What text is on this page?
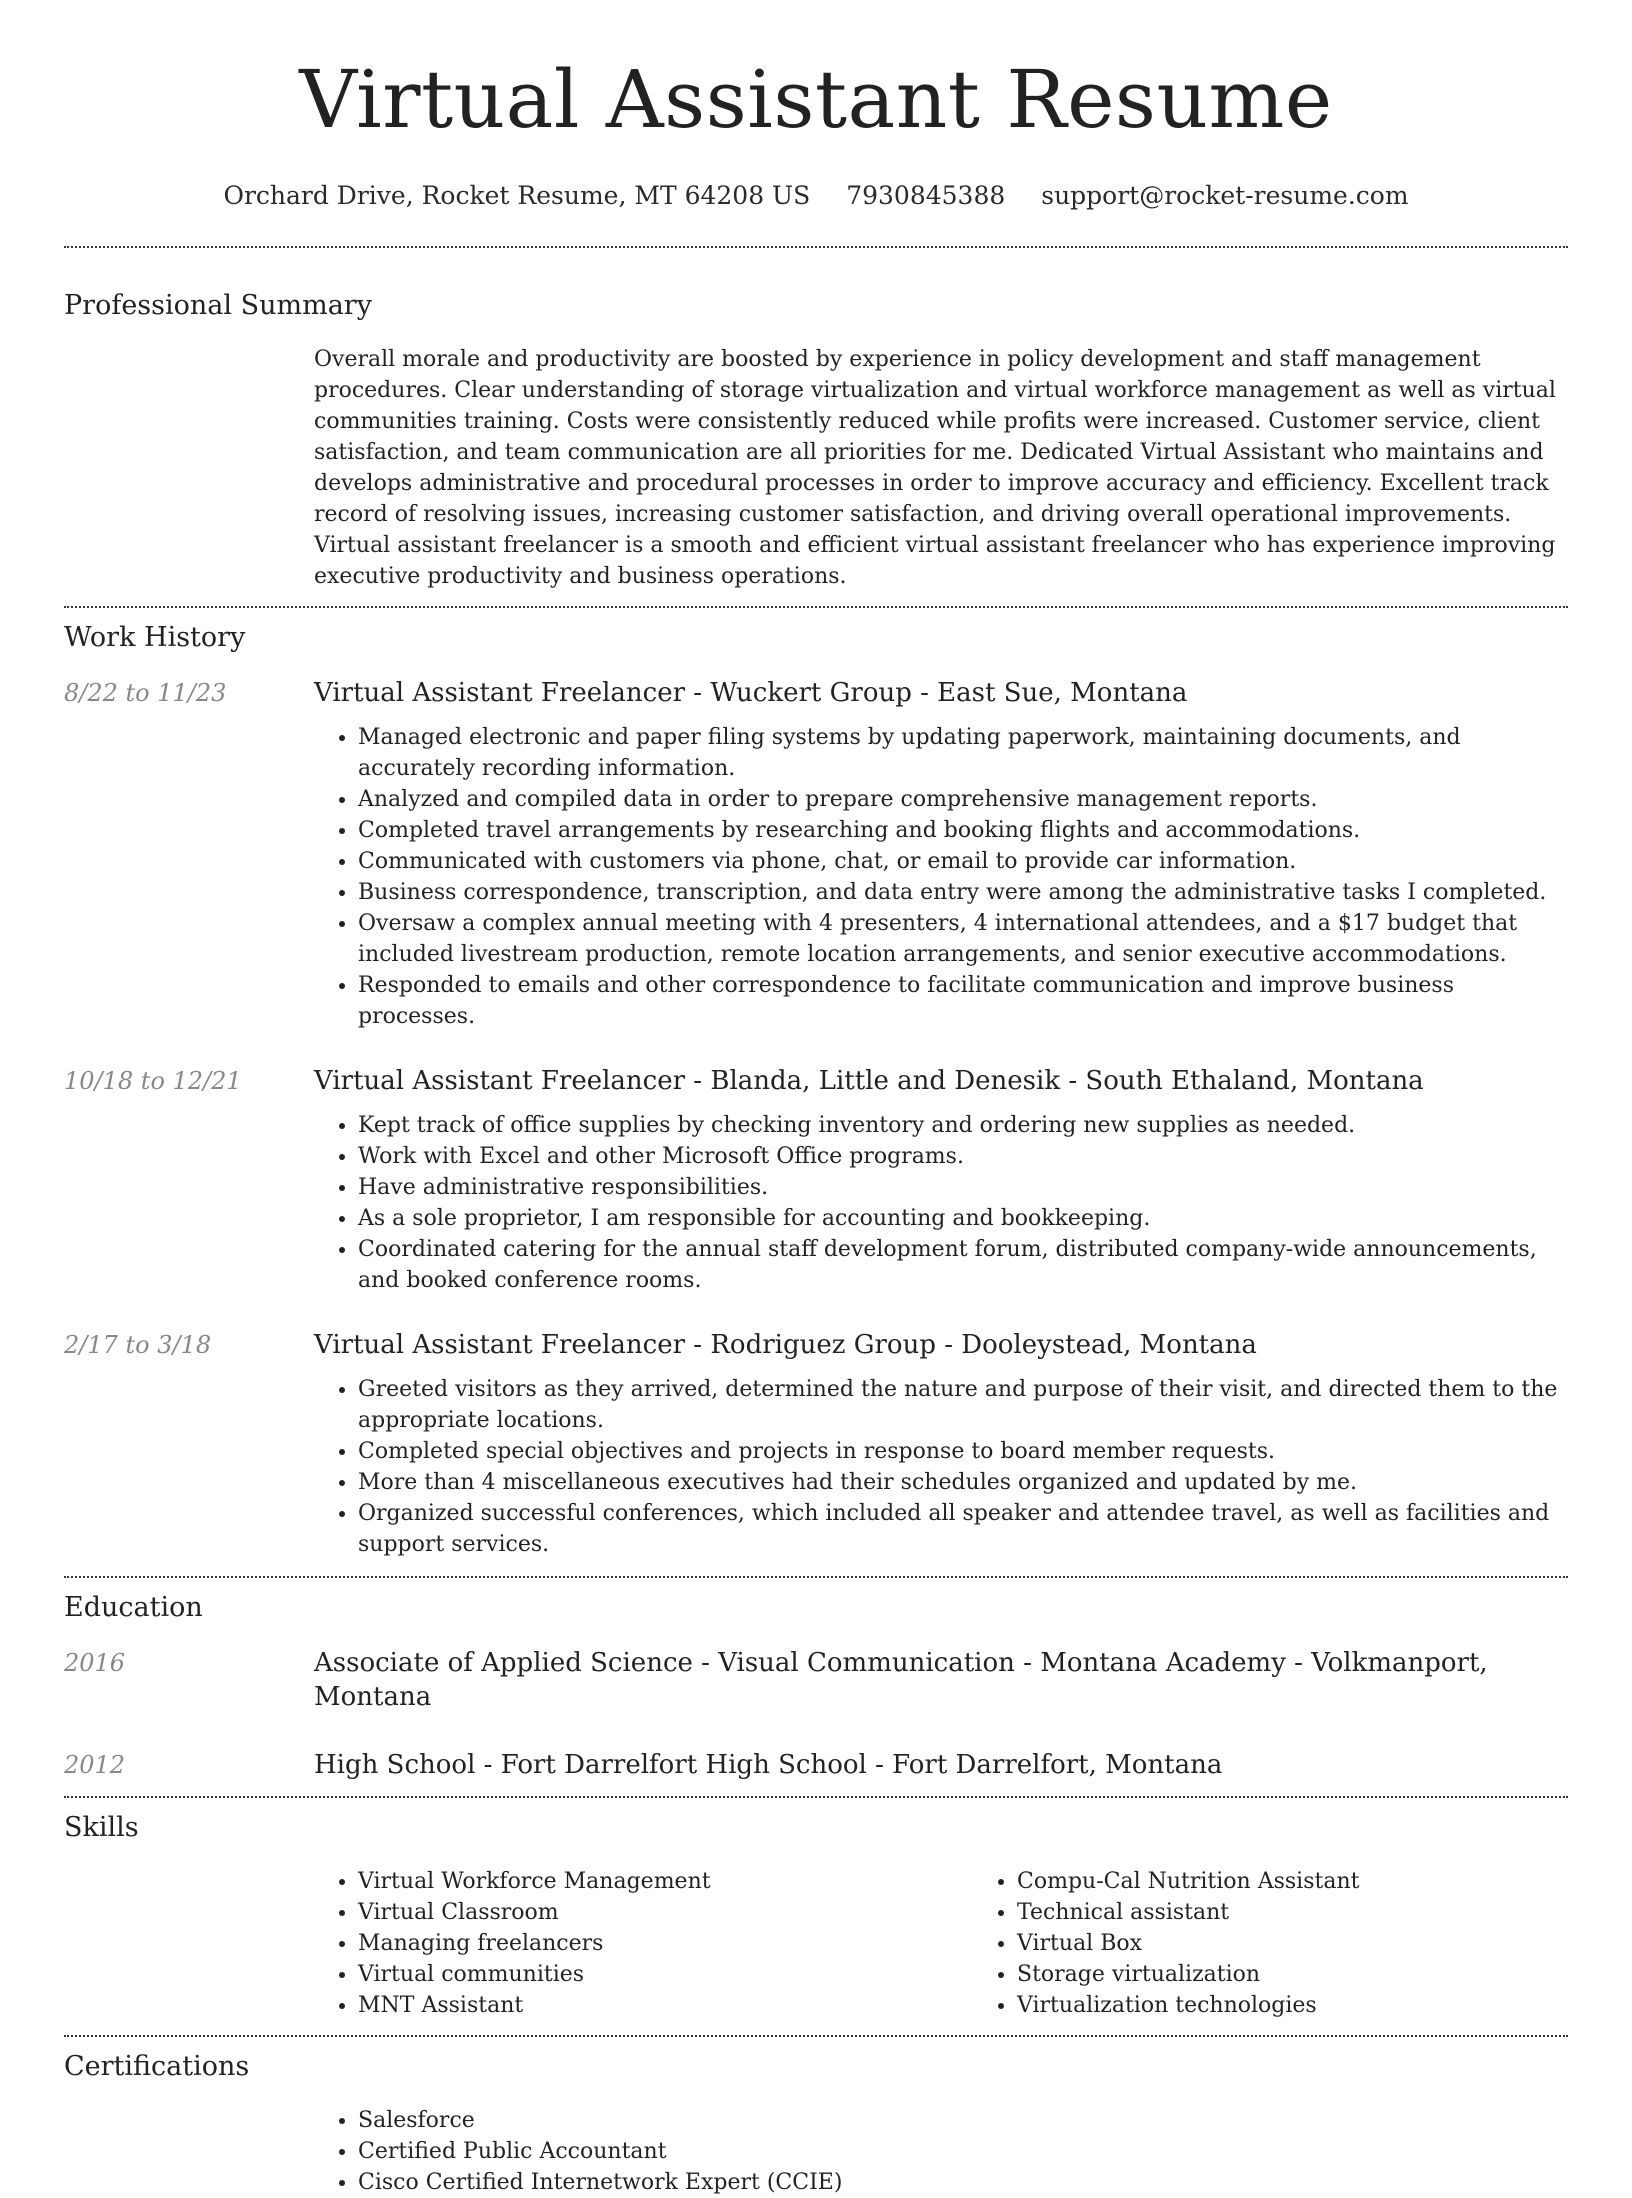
Virtual Assistant Resume
Orchard Drive, Rocket Resume, MT 64208 US 7930845388 support@rocket-resume.com
Professional Summary

Overall morale and productivity are boosted by experience in policy development and staff management procedures. Clear understanding of storage virtualization and virtual workforce management as well as virtual communities training. Costs were consistently reduced while profits were increased. Customer service, client satisfaction, and team communication are all priorities for me. Dedicated Virtual Assistant who maintains and develops administrative and procedural processes in order to improve accuracy and efficiency. Excellent track record of resolving issues, increasing customer satisfaction, and driving overall operational improvements. Virtual assistant freelancer is a smooth and efficient virtual assistant freelancer who has experience improving executive productivity and business operations.

Work History
8/22 to 11/23	Virtual Assistant Freelancer - Wuckert Group - East Sue, Montana
• Managed electronic and paper filing systems by updating paperwork, maintaining documents, and accurately recording information.
• Analyzed and compiled data in order to prepare comprehensive management reports.
• Completed travel arrangements by researching and booking flights and accommodations.
• Communicated with customers via phone, chat, or email to provide car information.
• Business correspondence, transcription, and data entry were among the administrative tasks I completed.
• Oversaw a complex annual meeting with 4 presenters, 4 international attendees, and a $17 budget that included livestream production, remote location arrangements, and senior executive accommodations.
• Responded to emails and other correspondence to facilitate communication and improve business processes.
10/18 to 12/21	Virtual Assistant Freelancer - Blanda, Little and Denesik - South Ethaland, Montana
• Kept track of office supplies by checking inventory and ordering new supplies as needed.
• Work with Excel and other Microsoft Office programs.
• Have administrative responsibilities.
• As a sole proprietor, I am responsible for accounting and bookkeeping.
• Coordinated catering for the annual staff development forum, distributed company-wide announcements, and booked conference rooms.
2/17 to 3/18	Virtual Assistant Freelancer - Rodriguez Group - Dooleystead, Montana
• Greeted visitors as they arrived, determined the nature and purpose of their visit, and directed them to the appropriate locations.
• Completed special objectives and projects in response to board member requests.
• More than 4 miscellaneous executives had their schedules organized and updated by me.
• Organized successful conferences, which included all speaker and attendee travel, as well as facilities and support services.
Education
2016	Associate of Applied Science - Visual Communication - Montana Academy - Volkmanport, Montana
2012	High School - Fort Darrelfort High School - Fort Darrelfort, Montana
Skills
• Virtual Workforce Management
• Virtual Classroom
• Managing freelancers
• Virtual communities
• MNT Assistant
• Compu-Cal Nutrition Assistant
• Technical assistant
• Virtual Box
• Storage virtualization
• Virtualization technologies
Certifications
• Salesforce
• Certified Public Accountant
• Cisco Certified Internetwork Expert (CCIE)
